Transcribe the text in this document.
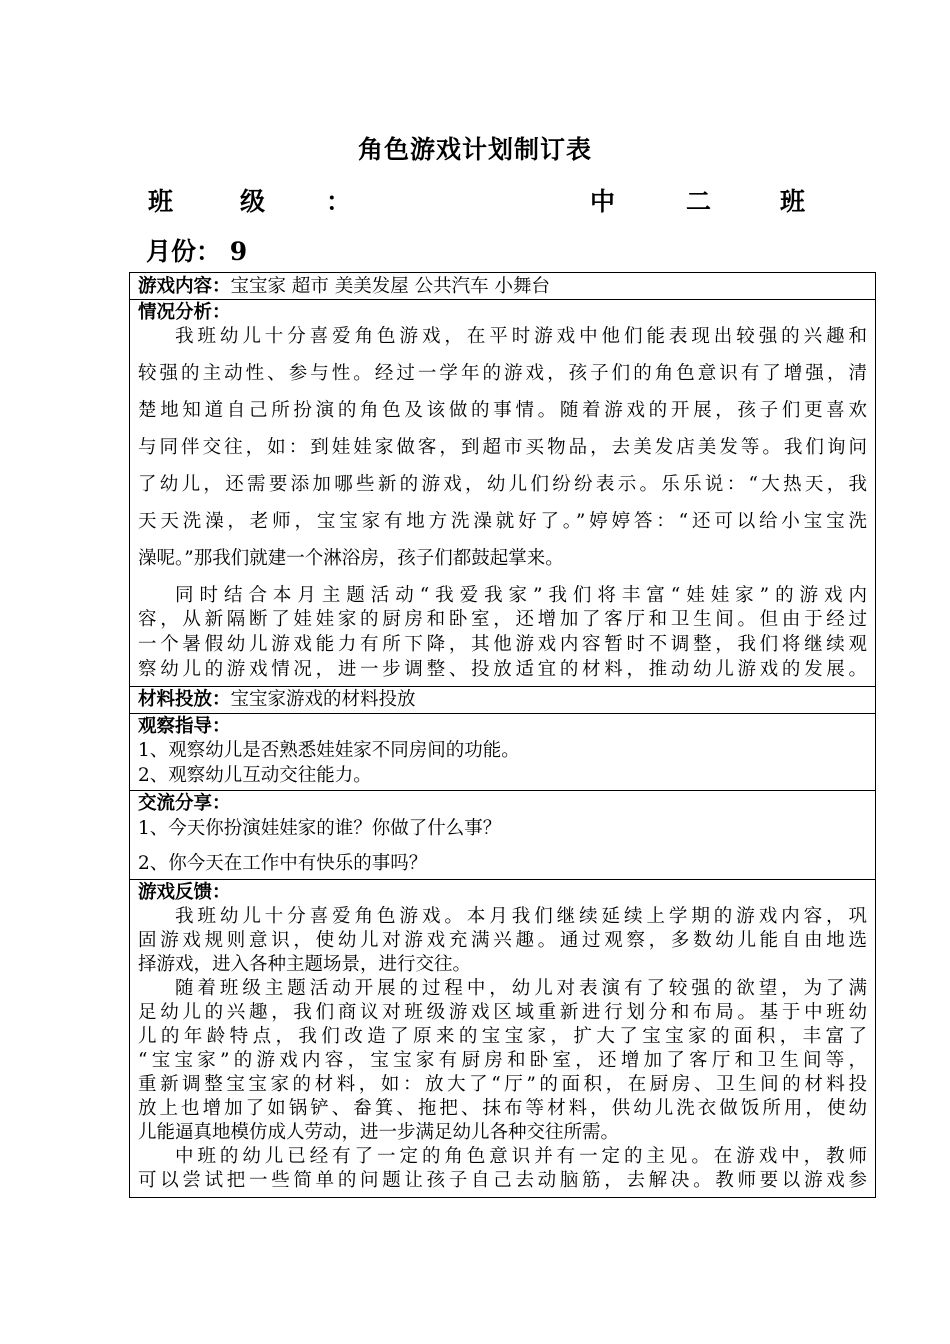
角色游戏计划制订表
班	级 ：	中	二	班
月份： 9
游戏内容：宝宝家 超市 美美发屋 公共汽车 小舞台
情况分析：
我班幼儿十分喜爱角色游戏，在平时游戏中他们能表现出较强的兴趣和
较强的主动性、参与性。经过一学年的游戏，孩子们的角色意识有了增强，清
楚地知道自己所扮演的角色及该做的事情。随着游戏的开展，孩子们更喜欢
与同伴交往，如：到娃娃家做客，到超市买物品，去美发店美发等。我们询问
了幼儿，还需要添加哪些新的游戏，幼儿们纷纷表示。乐乐说：“大热天，我
天天洗澡，老师，宝宝家有地方洗澡就好了。”婷婷答：“还可以给小宝宝洗
澡呢。”那我们就建一个淋浴房，孩子们都鼓起掌来。
同时结合本月主题活动“我爱我家”我们将丰富“娃娃家”的游戏内
容，从新隔断了娃娃家的厨房和卧室，还增加了客厅和卫生间。但由于经过
一个暑假幼儿游戏能力有所下降，其他游戏内容暂时不调整，我们将继续观
察幼儿的游戏情况，进一步调整、投放适宜的材料，推动幼儿游戏的发展。
材料投放：宝宝家游戏的材料投放
观察指导：
1、观察幼儿是否熟悉娃娃家不同房间的功能。
2、观察幼儿互动交往能力。
交流分享：
1、今天你扮演娃娃家的谁？你做了什么事？
2、你今天在工作中有快乐的事吗？
游戏反馈：
我班幼儿十分喜爱角色游戏。本月我们继续延续上学期的游戏内容，巩
固游戏规则意识，使幼儿对游戏充满兴趣。通过观察，多数幼儿能自由地选
择游戏，进入各种主题场景，进行交往。
随着班级主题活动开展的过程中，幼儿对表演有了较强的欲望，为了满
足幼儿的兴趣，我们商议对班级游戏区域重新进行划分和布局。基于中班幼
儿的年龄特点，我们改造了原来的宝宝家，扩大了宝宝家的面积，丰富了
“宝宝家”的游戏内容，宝宝家有厨房和卧室，还增加了客厅和卫生间等，
重新调整宝宝家的材料，如：放大了“厅”的面积，在厨房、卫生间的材料投
放上也增加了如锅铲、畚箕、拖把、抹布等材料，供幼儿洗衣做饭所用，使幼
儿能逼真地模仿成人劳动，进一步满足幼儿各种交往所需。
中班的幼儿已经有了一定的角色意识并有一定的主见。在游戏中，教师
可以尝试把一些简单的问题让孩子自己去动脑筋，去解决。教师要以游戏参
